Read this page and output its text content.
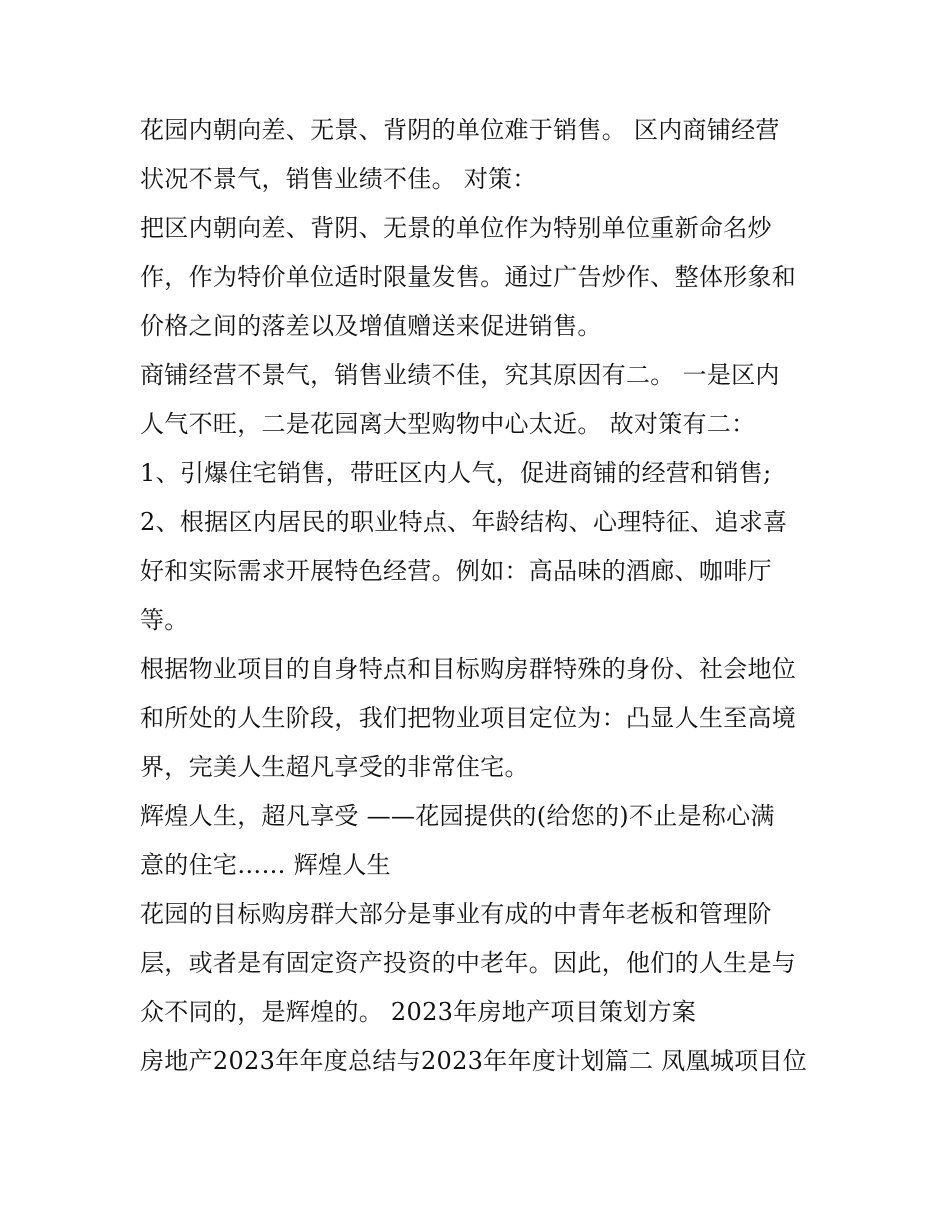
花园内朝向差、无景、背阴的单位难于销售。 区内商铺经营
状况不景气，销售业绩不佳。 对策：
把区内朝向差、背阴、无景的单位作为特别单位重新命名炒
作，作为特价单位适时限量发售。通过广告炒作、整体形象和
价格之间的落差以及增值赠送来促进销售。
商铺经营不景气，销售业绩不佳，究其原因有二。 一是区内
人气不旺，二是花园离大型购物中心太近。 故对策有二：
1、引爆住宅销售，带旺区内人气，促进商铺的经营和销售;
2、根据区内居民的职业特点、年龄结构、心理特征、追求喜
好和实际需求开展特色经营。例如：高品味的酒廊、咖啡厅
等。
根据物业项目的自身特点和目标购房群特殊的身份、社会地位
和所处的人生阶段，我们把物业项目定位为：凸显人生至高境
界，完美人生超凡享受的非常住宅。
辉煌人生，超凡享受 ——花园提供的(给您的)不止是称心满
意的住宅…… 辉煌人生
花园的目标购房群大部分是事业有成的中青年老板和管理阶
层，或者是有固定资产投资的中老年。因此，他们的人生是与
众不同的，是辉煌的。 2023年房地产项目策划方案
房地产2023年年度总结与2023年年度计划篇二 凤凰城项目位
